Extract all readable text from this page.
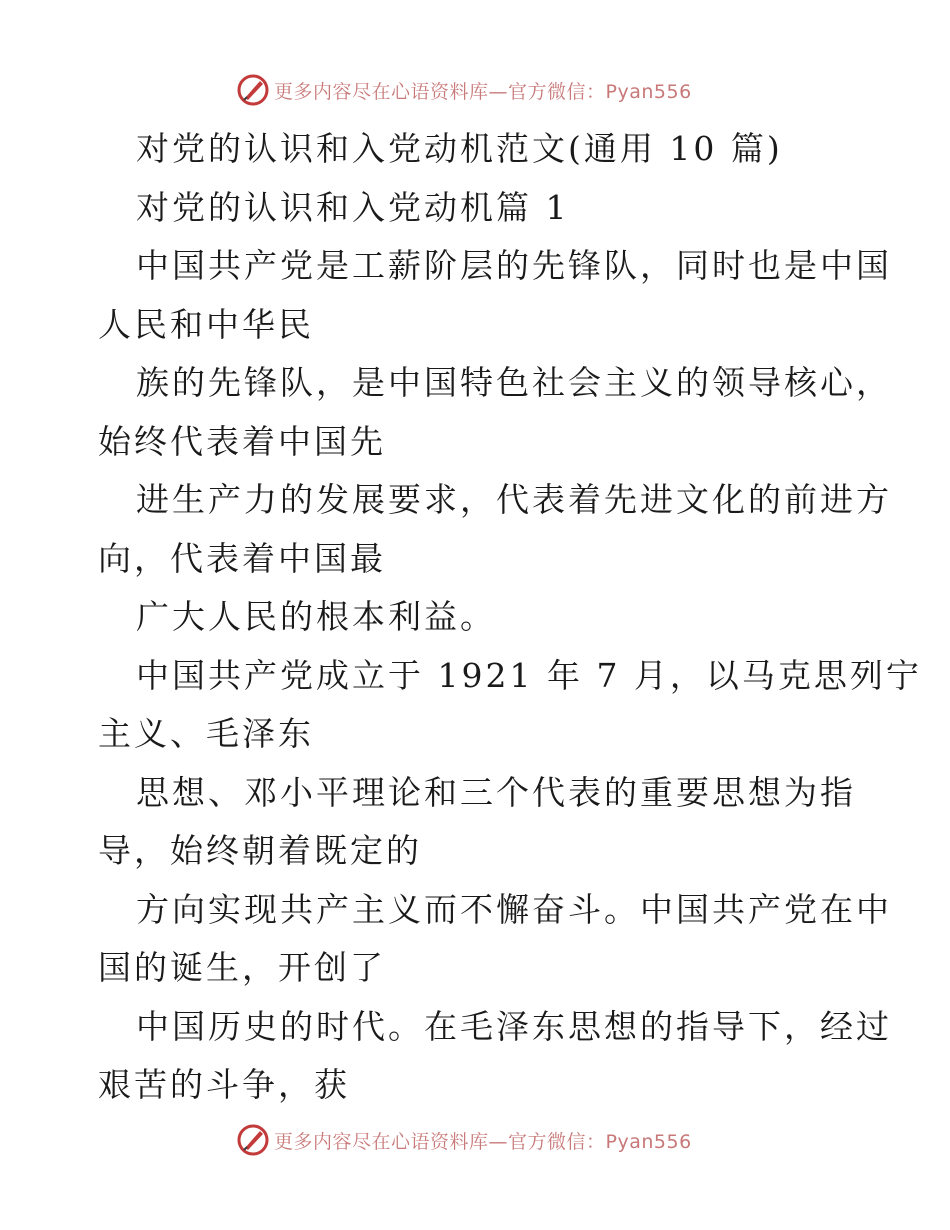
更多内容尽在心语资料库—官方微信：Pyan556
对党的认识和入党动机范文(通用 10 篇)
对党的认识和入党动机篇 1
中国共产党是工薪阶层的先锋队，同时也是中国
人民和中华民
族的先锋队，是中国特色社会主义的领导核心，
始终代表着中国先
进生产力的发展要求，代表着先进文化的前进方
向，代表着中国最
广大人民的根本利益。
中国共产党成立于 1921 年 7 月，以马克思列宁
主义、毛泽东
思想、邓小平理论和三个代表的重要思想为指
导，始终朝着既定的
方向实现共产主义而不懈奋斗。中国共产党在中
国的诞生，开创了
中国历史的时代。在毛泽东思想的指导下，经过
艰苦的斗争，获
更多内容尽在心语资料库—官方微信：Pyan556
